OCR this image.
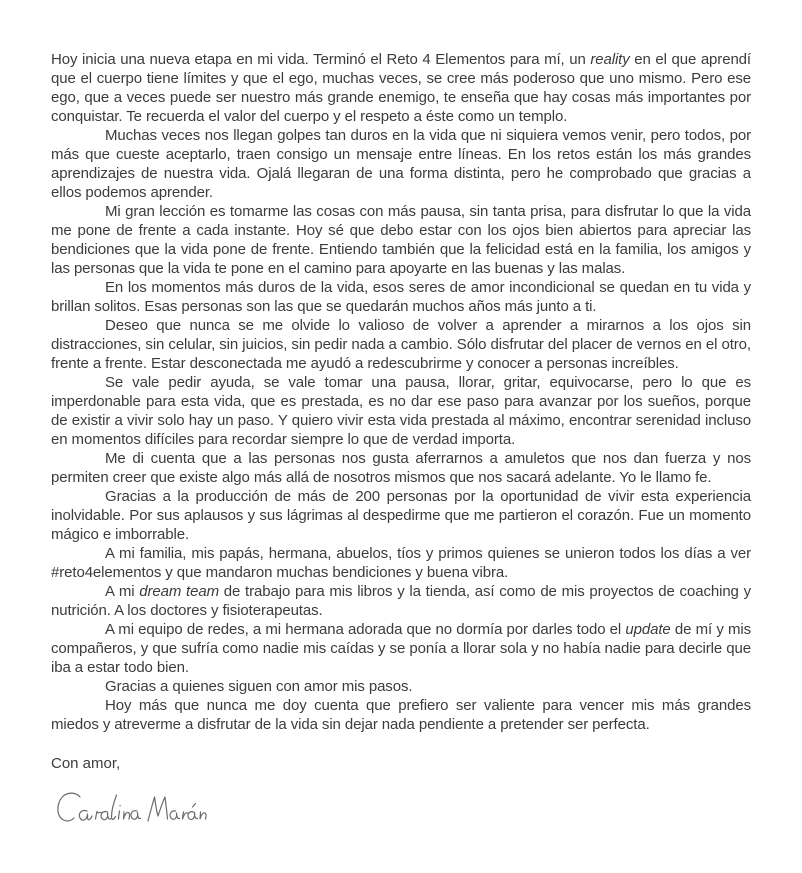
Hoy inicia una nueva etapa en mi vida. Terminó el Reto 4 Elementos para mí, un reality en el que aprendí que el cuerpo tiene límites y que el ego, muchas veces, se cree más poderoso que uno mismo. Pero ese ego, que a veces puede ser nuestro más grande enemigo, te enseña que hay cosas más importantes por conquistar. Te recuerda el valor del cuerpo y el respeto a éste como un templo.

Muchas veces nos llegan golpes tan duros en la vida que ni siquiera vemos venir, pero todos, por más que cueste aceptarlo, traen consigo un mensaje entre líneas. En los retos están los más grandes aprendizajes de nuestra vida. Ojalá llegaran de una forma distinta, pero he comprobado que gracias a ellos podemos aprender.

Mi gran lección es tomarme las cosas con más pausa, sin tanta prisa, para disfrutar lo que la vida me pone de frente a cada instante. Hoy sé que debo estar con los ojos bien abiertos para apreciar las bendiciones que la vida pone de frente. Entiendo también que la felicidad está en la familia, los amigos y las personas que la vida te pone en el camino para apoyarte en las buenas y las malas.

En los momentos más duros de la vida, esos seres de amor incondicional se quedan en tu vida y brillan solitos. Esas personas son las que se quedarán muchos años más junto a ti.

Deseo que nunca se me olvide lo valioso de volver a aprender a mirarnos a los ojos sin distracciones, sin celular, sin juicios, sin pedir nada a cambio. Sólo disfrutar del placer de vernos en el otro, frente a frente. Estar desconectada me ayudó a redescubrirme y conocer a personas increíbles.

Se vale pedir ayuda, se vale tomar una pausa, llorar, gritar, equivocarse, pero lo que es imperdonable para esta vida, que es prestada, es no dar ese paso para avanzar por los sueños, porque de existir a vivir solo hay un paso. Y quiero vivir esta vida prestada al máximo, encontrar serenidad incluso en momentos difíciles para recordar siempre lo que de verdad importa.

Me di cuenta que a las personas nos gusta aferrarnos a amuletos que nos dan fuerza y nos permiten creer que existe algo más allá de nosotros mismos que nos sacará adelante. Yo le llamo fe.

Gracias a la producción de más de 200 personas por la oportunidad de vivir esta experiencia inolvidable. Por sus aplausos y sus lágrimas al despedirme que me partieron el corazón. Fue un momento mágico e imborrable.

A mi familia, mis papás, hermana, abuelos, tíos y primos quienes se unieron todos los días a ver #reto4elementos y que mandaron muchas bendiciones y buena vibra.

A mi dream team de trabajo para mis libros y la tienda, así como de mis proyectos de coaching y nutrición. A los doctores y fisioterapeutas.

A mi equipo de redes, a mi hermana adorada que no dormía por darles todo el update de mí y mis compañeros, y que sufría como nadie mis caídas y se ponía a llorar sola y no había nadie para decirle que iba a estar todo bien.

Gracias a quienes siguen con amor mis pasos.

Hoy más que nunca me doy cuenta que prefiero ser valiente para vencer mis más grandes miedos y atreverme a disfrutar de la vida sin dejar nada pendiente a pretender ser perfecta.

Con amor,
